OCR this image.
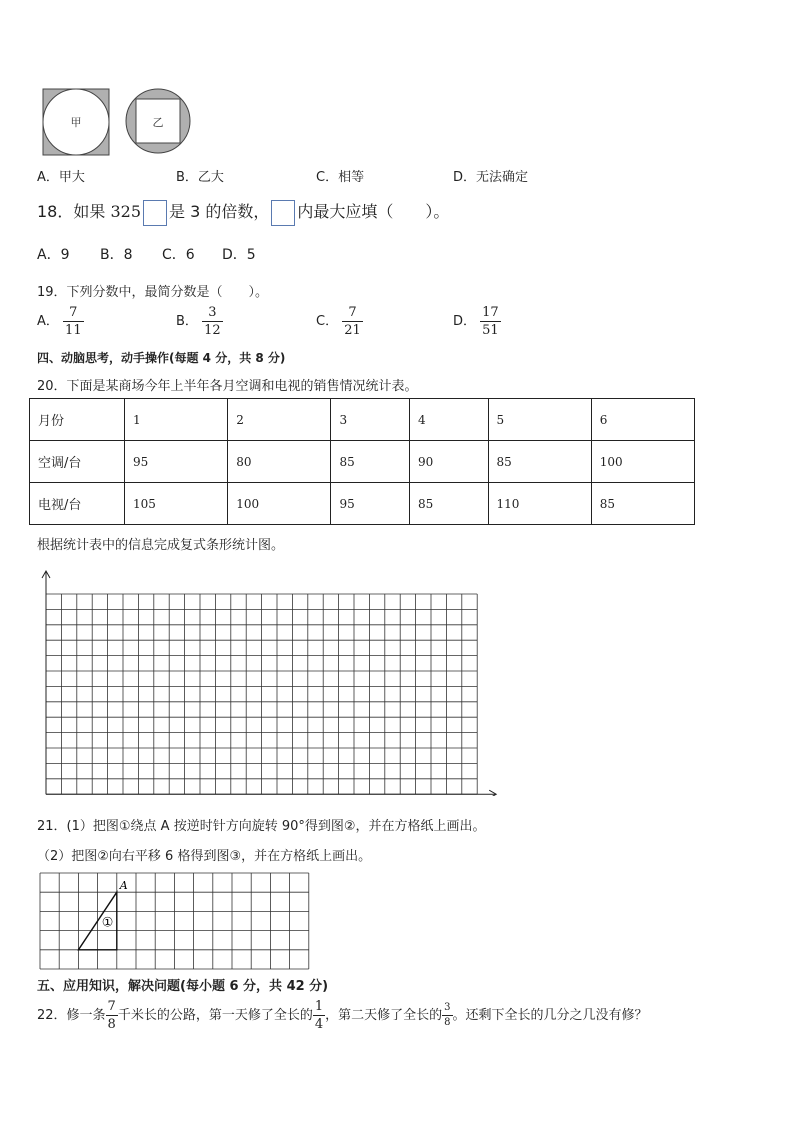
甲	乙
A．甲大	B．乙大	C．相等	D．无法确定
18．如果 325 是 3 的倍数， 内最大应填（　　）。
A．9 B．8 C．6 D．5
19．下列分数中，最简分数是（　　）。
A． $\frac{7}{11}$	B． $\frac{3}{12}$	C． $\frac{7}{21}$	D． $\frac{17}{51}$
四、动脑思考，动手操作(每题 4 分，共 8 分)
20．下面是某商场今年上半年各月空调和电视的销售情况统计表。
月份	1	2	3	4	5	6
空调/台	95	80	85	90	85	100
电视/台	105	100	95	85	110	85
根据统计表中的信息完成复式条形统计图。
21．(1）把图①绕点 A 按逆时针方向旋转 90°得到图②，并在方格纸上画出。
（2）把图②向右平移 6 格得到图③，并在方格纸上画出。
A
①
五、应用知识，解决问题(每小题 6 分，共 42 分)
22．修一条 $\frac{7}{8}$ 千米长的公路，第一天修了全长的 $\frac{1}{4}$ ，第二天修了全长的 $\frac{3}{8}$ 。还剩下全长的几分之几没有修？
